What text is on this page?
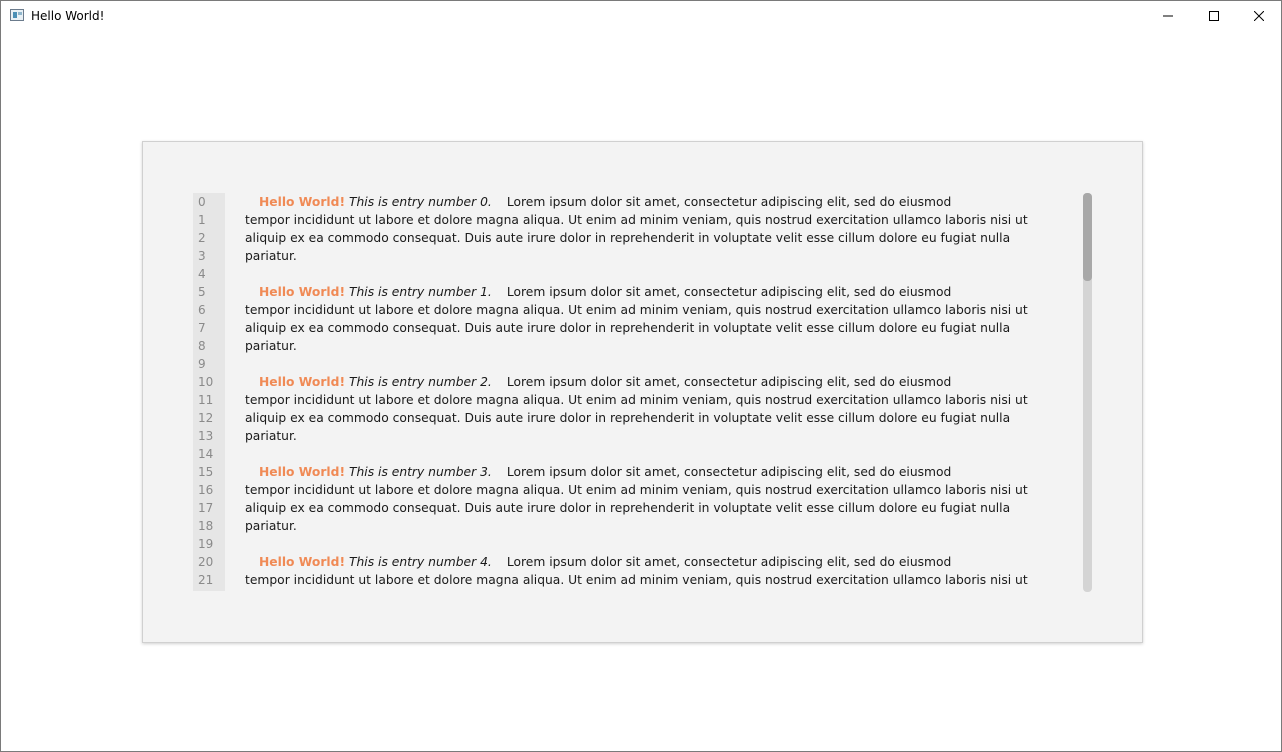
Hello World!
0
1
2
3
4
5
6
7
8
9
10
11
12
13
14
15
16
17
18
19
20
21
Hello World! This is entry number 0. Lorem ipsum dolor sit amet, consectetur adipiscing elit, sed do eiusmod
tempor incididunt ut labore et dolore magna aliqua. Ut enim ad minim veniam, quis nostrud exercitation ullamco laboris nisi ut
aliquip ex ea commodo consequat. Duis aute irure dolor in reprehenderit in voluptate velit esse cillum dolore eu fugiat nulla
pariatur.
Hello World! This is entry number 1. Lorem ipsum dolor sit amet, consectetur adipiscing elit, sed do eiusmod
tempor incididunt ut labore et dolore magna aliqua. Ut enim ad minim veniam, quis nostrud exercitation ullamco laboris nisi ut
aliquip ex ea commodo consequat. Duis aute irure dolor in reprehenderit in voluptate velit esse cillum dolore eu fugiat nulla
pariatur.
Hello World! This is entry number 2. Lorem ipsum dolor sit amet, consectetur adipiscing elit, sed do eiusmod
tempor incididunt ut labore et dolore magna aliqua. Ut enim ad minim veniam, quis nostrud exercitation ullamco laboris nisi ut
aliquip ex ea commodo consequat. Duis aute irure dolor in reprehenderit in voluptate velit esse cillum dolore eu fugiat nulla
pariatur.
Hello World! This is entry number 3. Lorem ipsum dolor sit amet, consectetur adipiscing elit, sed do eiusmod
tempor incididunt ut labore et dolore magna aliqua. Ut enim ad minim veniam, quis nostrud exercitation ullamco laboris nisi ut
aliquip ex ea commodo consequat. Duis aute irure dolor in reprehenderit in voluptate velit esse cillum dolore eu fugiat nulla
pariatur.
Hello World! This is entry number 4. Lorem ipsum dolor sit amet, consectetur adipiscing elit, sed do eiusmod
tempor incididunt ut labore et dolore magna aliqua. Ut enim ad minim veniam, quis nostrud exercitation ullamco laboris nisi ut
